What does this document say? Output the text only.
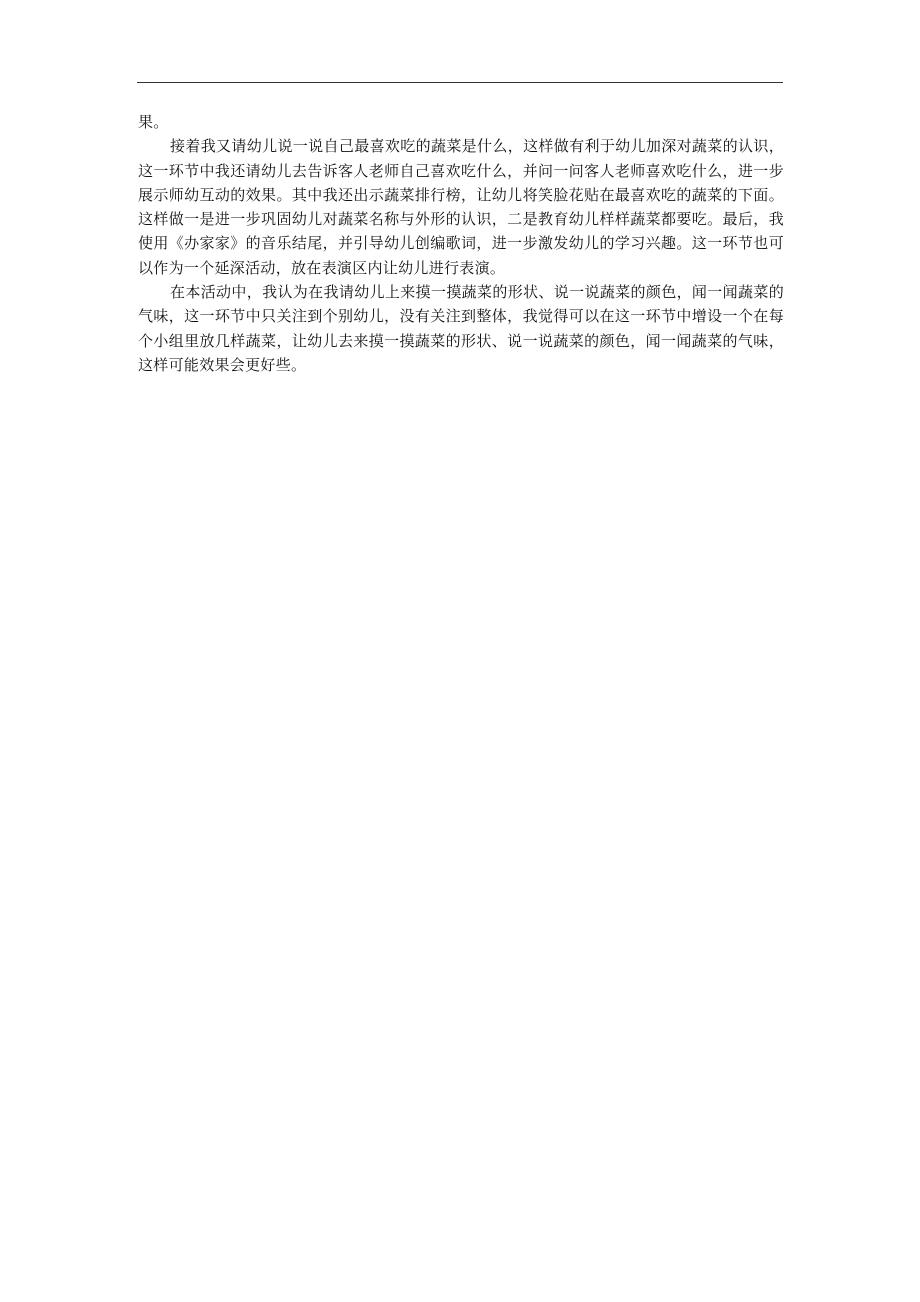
果。

接着我又请幼儿说一说自己最喜欢吃的蔬菜是什么，这样做有利于幼儿加深对蔬菜的认识，这一环节中我还请幼儿去告诉客人老师自己喜欢吃什么，并问一问客人老师喜欢吃什么，进一步展示师幼互动的效果。其中我还出示蔬菜排行榜，让幼儿将笑脸花贴在最喜欢吃的蔬菜的下面。这样做一是进一步巩固幼儿对蔬菜名称与外形的认识，二是教育幼儿样样蔬菜都要吃。最后，我使用《办家家》的音乐结尾，并引导幼儿创编歌词，进一步激发幼儿的学习兴趣。这一环节也可以作为一个延深活动，放在表演区内让幼儿进行表演。

在本活动中，我认为在我请幼儿上来摸一摸蔬菜的形状、说一说蔬菜的颜色，闻一闻蔬菜的气味，这一环节中只关注到个别幼儿，没有关注到整体，我觉得可以在这一环节中增设一个在每个小组里放几样蔬菜，让幼儿去来摸一摸蔬菜的形状、说一说蔬菜的颜色，闻一闻蔬菜的气味，这样可能效果会更好些。
